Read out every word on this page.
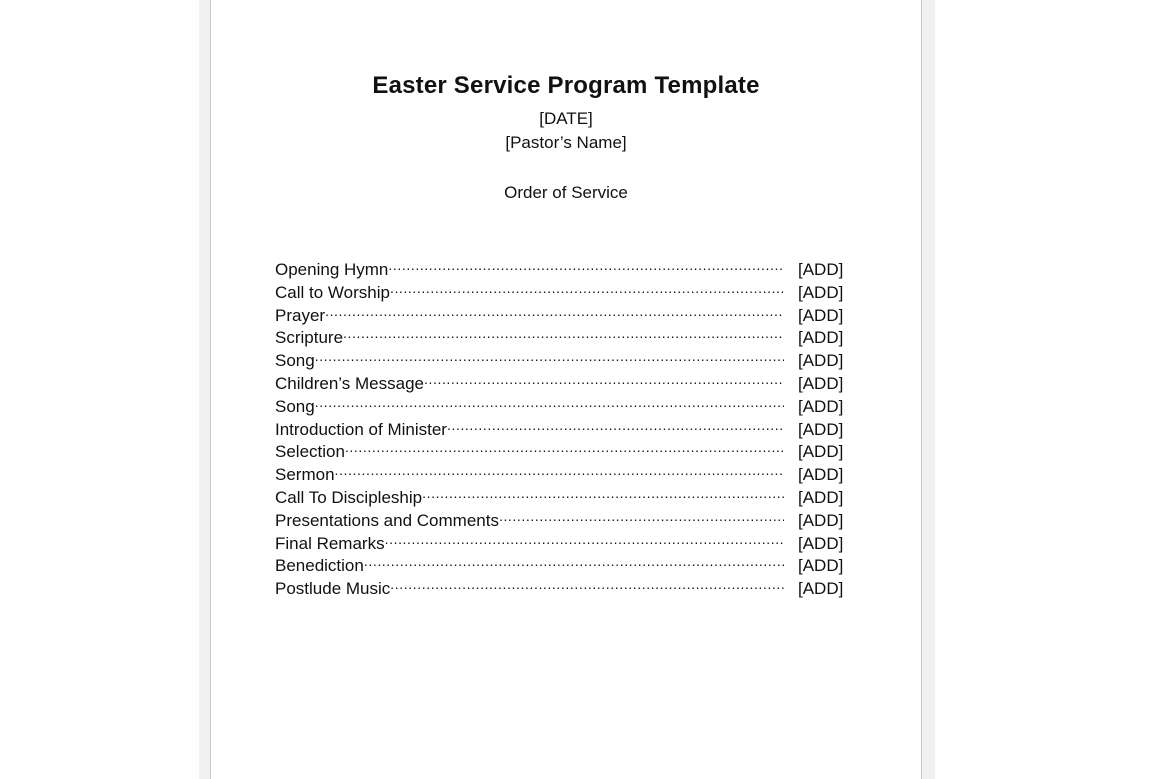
Easter Service Program Template
[DATE]
[Pastor’s Name]
Order of Service
Opening Hymn .....	[ADD]
Call to Worship .....	[ADD]
Prayer .....	[ADD]
Scripture .....	[ADD]
Song .....	[ADD]
Children’s Message .....	[ADD]
Song .....	[ADD]
Introduction of Minister .....	[ADD]
Selection .....	[ADD]
Sermon .....	[ADD]
Call To Discipleship .....	[ADD]
Presentations and Comments .....	[ADD]
Final Remarks .....	[ADD]
Benediction .....	[ADD]
Postlude Music .....	[ADD]
